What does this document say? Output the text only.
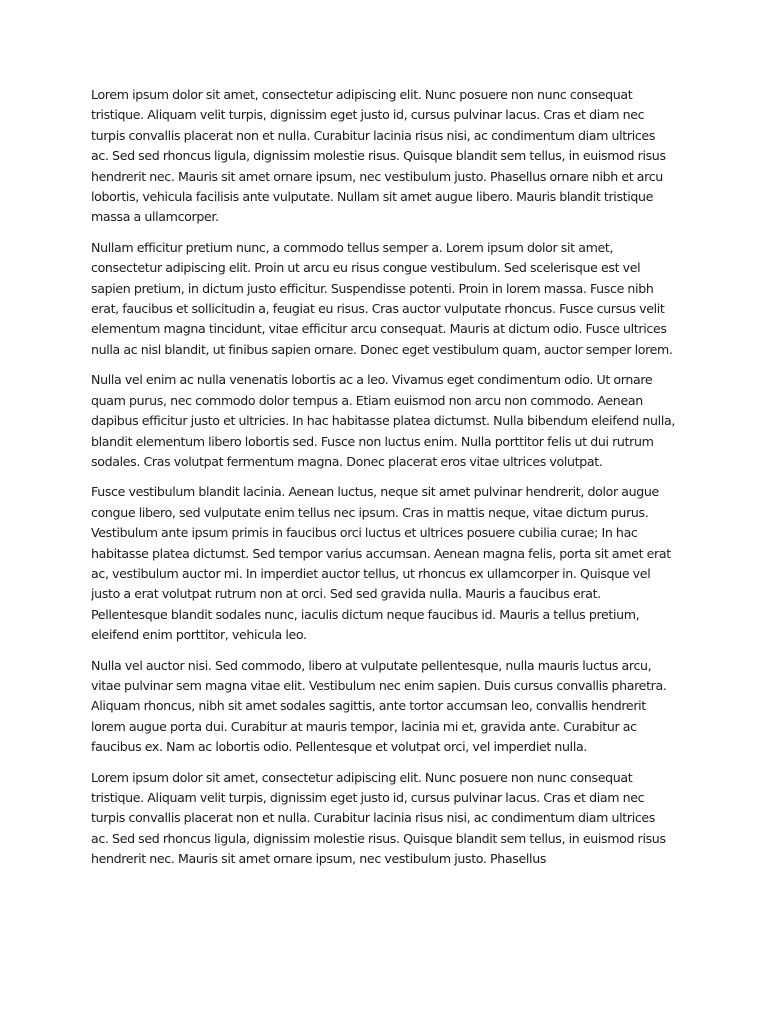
Lorem ipsum dolor sit amet, consectetur adipiscing elit. Nunc posuere non nunc consequat tristique. Aliquam velit turpis, dignissim eget justo id, cursus pulvinar lacus. Cras et diam nec turpis convallis placerat non et nulla. Curabitur lacinia risus nisi, ac condimentum diam ultrices ac. Sed sed rhoncus ligula, dignissim molestie risus. Quisque blandit sem tellus, in euismod risus hendrerit nec. Mauris sit amet ornare ipsum, nec vestibulum justo. Phasellus ornare nibh et arcu lobortis, vehicula facilisis ante vulputate. Nullam sit amet augue libero. Mauris blandit tristique massa a ullamcorper.

Nullam efficitur pretium nunc, a commodo tellus semper a. Lorem ipsum dolor sit amet, consectetur adipiscing elit. Proin ut arcu eu risus congue vestibulum. Sed scelerisque est vel sapien pretium, in dictum justo efficitur. Suspendisse potenti. Proin in lorem massa. Fusce nibh erat, faucibus et sollicitudin a, feugiat eu risus. Cras auctor vulputate rhoncus. Fusce cursus velit elementum magna tincidunt, vitae efficitur arcu consequat. Mauris at dictum odio. Fusce ultrices nulla ac nisl blandit, ut finibus sapien ornare. Donec eget vestibulum quam, auctor semper lorem.

Nulla vel enim ac nulla venenatis lobortis ac a leo. Vivamus eget condimentum odio. Ut ornare quam purus, nec commodo dolor tempus a. Etiam euismod non arcu non commodo. Aenean dapibus efficitur justo et ultricies. In hac habitasse platea dictumst. Nulla bibendum eleifend nulla, blandit elementum libero lobortis sed. Fusce non luctus enim. Nulla porttitor felis ut dui rutrum sodales. Cras volutpat fermentum magna. Donec placerat eros vitae ultrices volutpat.

Fusce vestibulum blandit lacinia. Aenean luctus, neque sit amet pulvinar hendrerit, dolor augue congue libero, sed vulputate enim tellus nec ipsum. Cras in mattis neque, vitae dictum purus. Vestibulum ante ipsum primis in faucibus orci luctus et ultrices posuere cubilia curae; In hac habitasse platea dictumst. Sed tempor varius accumsan. Aenean magna felis, porta sit amet erat ac, vestibulum auctor mi. In imperdiet auctor tellus, ut rhoncus ex ullamcorper in. Quisque vel justo a erat volutpat rutrum non at orci. Sed sed gravida nulla. Mauris a faucibus erat. Pellentesque blandit sodales nunc, iaculis dictum neque faucibus id. Mauris a tellus pretium, eleifend enim porttitor, vehicula leo.

Nulla vel auctor nisi. Sed commodo, libero at vulputate pellentesque, nulla mauris luctus arcu, vitae pulvinar sem magna vitae elit. Vestibulum nec enim sapien. Duis cursus convallis pharetra. Aliquam rhoncus, nibh sit amet sodales sagittis, ante tortor accumsan leo, convallis hendrerit lorem augue porta dui. Curabitur at mauris tempor, lacinia mi et, gravida ante. Curabitur ac faucibus ex. Nam ac lobortis odio. Pellentesque et volutpat orci, vel imperdiet nulla.

Lorem ipsum dolor sit amet, consectetur adipiscing elit. Nunc posuere non nunc consequat tristique. Aliquam velit turpis, dignissim eget justo id, cursus pulvinar lacus. Cras et diam nec turpis convallis placerat non et nulla. Curabitur lacinia risus nisi, ac condimentum diam ultrices ac. Sed sed rhoncus ligula, dignissim molestie risus. Quisque blandit sem tellus, in euismod risus hendrerit nec. Mauris sit amet ornare ipsum, nec vestibulum justo. Phasellus
